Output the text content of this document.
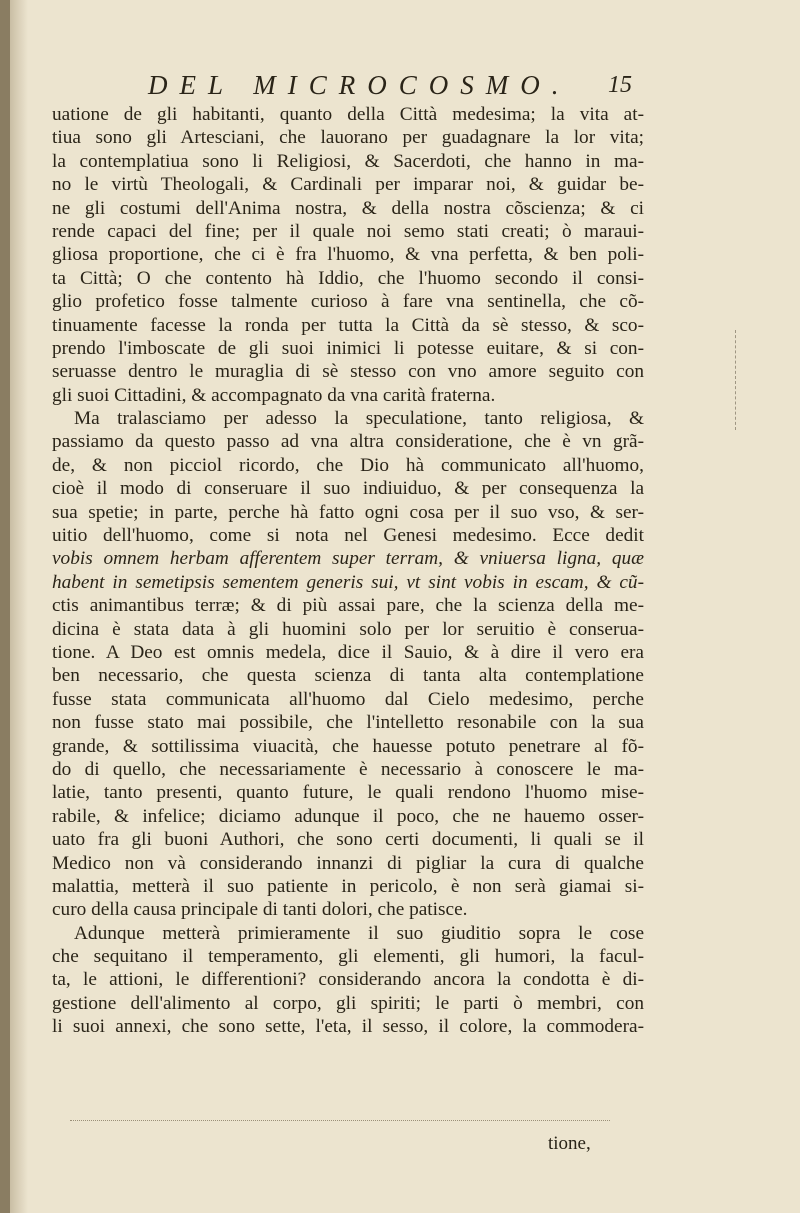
DEL MICROCOSMO.	15
uatione de gli habitanti, quanto della Città medesima; la vita at-
tiua sono gli Artesciani, che lauorano per guadagnare la lor vita;
la contemplatiua sono li Religiosi, & Sacerdoti, che hanno in ma-
no le virtù Theologali, & Cardinali per imparar noi, & guidar be-
ne gli costumi dell'Anima nostra, & della nostra cõscienza; & ci
rende capaci del fine; per il quale noi semo stati creati; ò maraui-
gliosa proportione, che ci è fra l'huomo, & vna perfetta, & ben poli-
ta Città; O che contento hà Iddio, che l'huomo secondo il consi-
glio profetico fosse talmente curioso à fare vna sentinella, che cõ-
tinuamente facesse la ronda per tutta la Città da sè stesso, & sco-
prendo l'imboscate de gli suoi inimici li potesse euitare, & si con-
seruasse dentro le muraglia di sè stesso con vno amore seguito con
gli suoi Cittadini, & accompagnato da vna carità fraterna.
Ma tralasciamo per adesso la speculatione, tanto religiosa, &
passiamo da questo passo ad vna altra consideratione, che è vn grã-
de, & non picciol ricordo, che Dio hà communicato all'huomo,
cioè il modo di conseruare il suo indiuiduo, & per consequenza la
sua spetie; in parte, perche hà fatto ogni cosa per il suo vso, & ser-
uitio dell'huomo, come si nota nel Genesi medesimo. Ecce dedit
vobis omnem herbam afferentem super terram, & vniuersa ligna, quæ
habent in semetipsis sementem generis sui, vt sint vobis in escam, & cũ-
ctis animantibus terræ; & di più assai pare, che la scienza della me-
dicina è stata data à gli huomini solo per lor seruitio è conserua-
tione. A Deo est omnis medela, dice il Sauio, & à dire il vero era
ben necessario, che questa scienza di tanta alta contemplatione
fusse stata communicata all'huomo dal Cielo medesimo, perche
non fusse stato mai possibile, che l'intelletto resonabile con la sua
grande, & sottilissima viuacità, che hauesse potuto penetrare al fõ-
do di quello, che necessariamente è necessario à conoscere le ma-
latie, tanto presenti, quanto future, le quali rendono l'huomo mise-
rabile, & infelice; diciamo adunque il poco, che ne hauemo osser-
uato fra gli buoni Authori, che sono certi documenti, li quali se il
Medico non và considerando innanzi di pigliar la cura di qualche
malattia, metterà il suo patiente in pericolo, è non serà giamai si-
curo della causa principale di tanti dolori, che patisce.
Adunque metterà primieramente il suo giuditio sopra le cose
che sequitano il temperamento, gli elementi, gli humori, la facul-
ta, le attioni, le differentioni? considerando ancora la condotta è di-
gestione dell'alimento al corpo, gli spiriti; le parti ò membri, con
li suoi annexi, che sono sette, l'eta, il sesso, il colore, la commodera-
tione,
